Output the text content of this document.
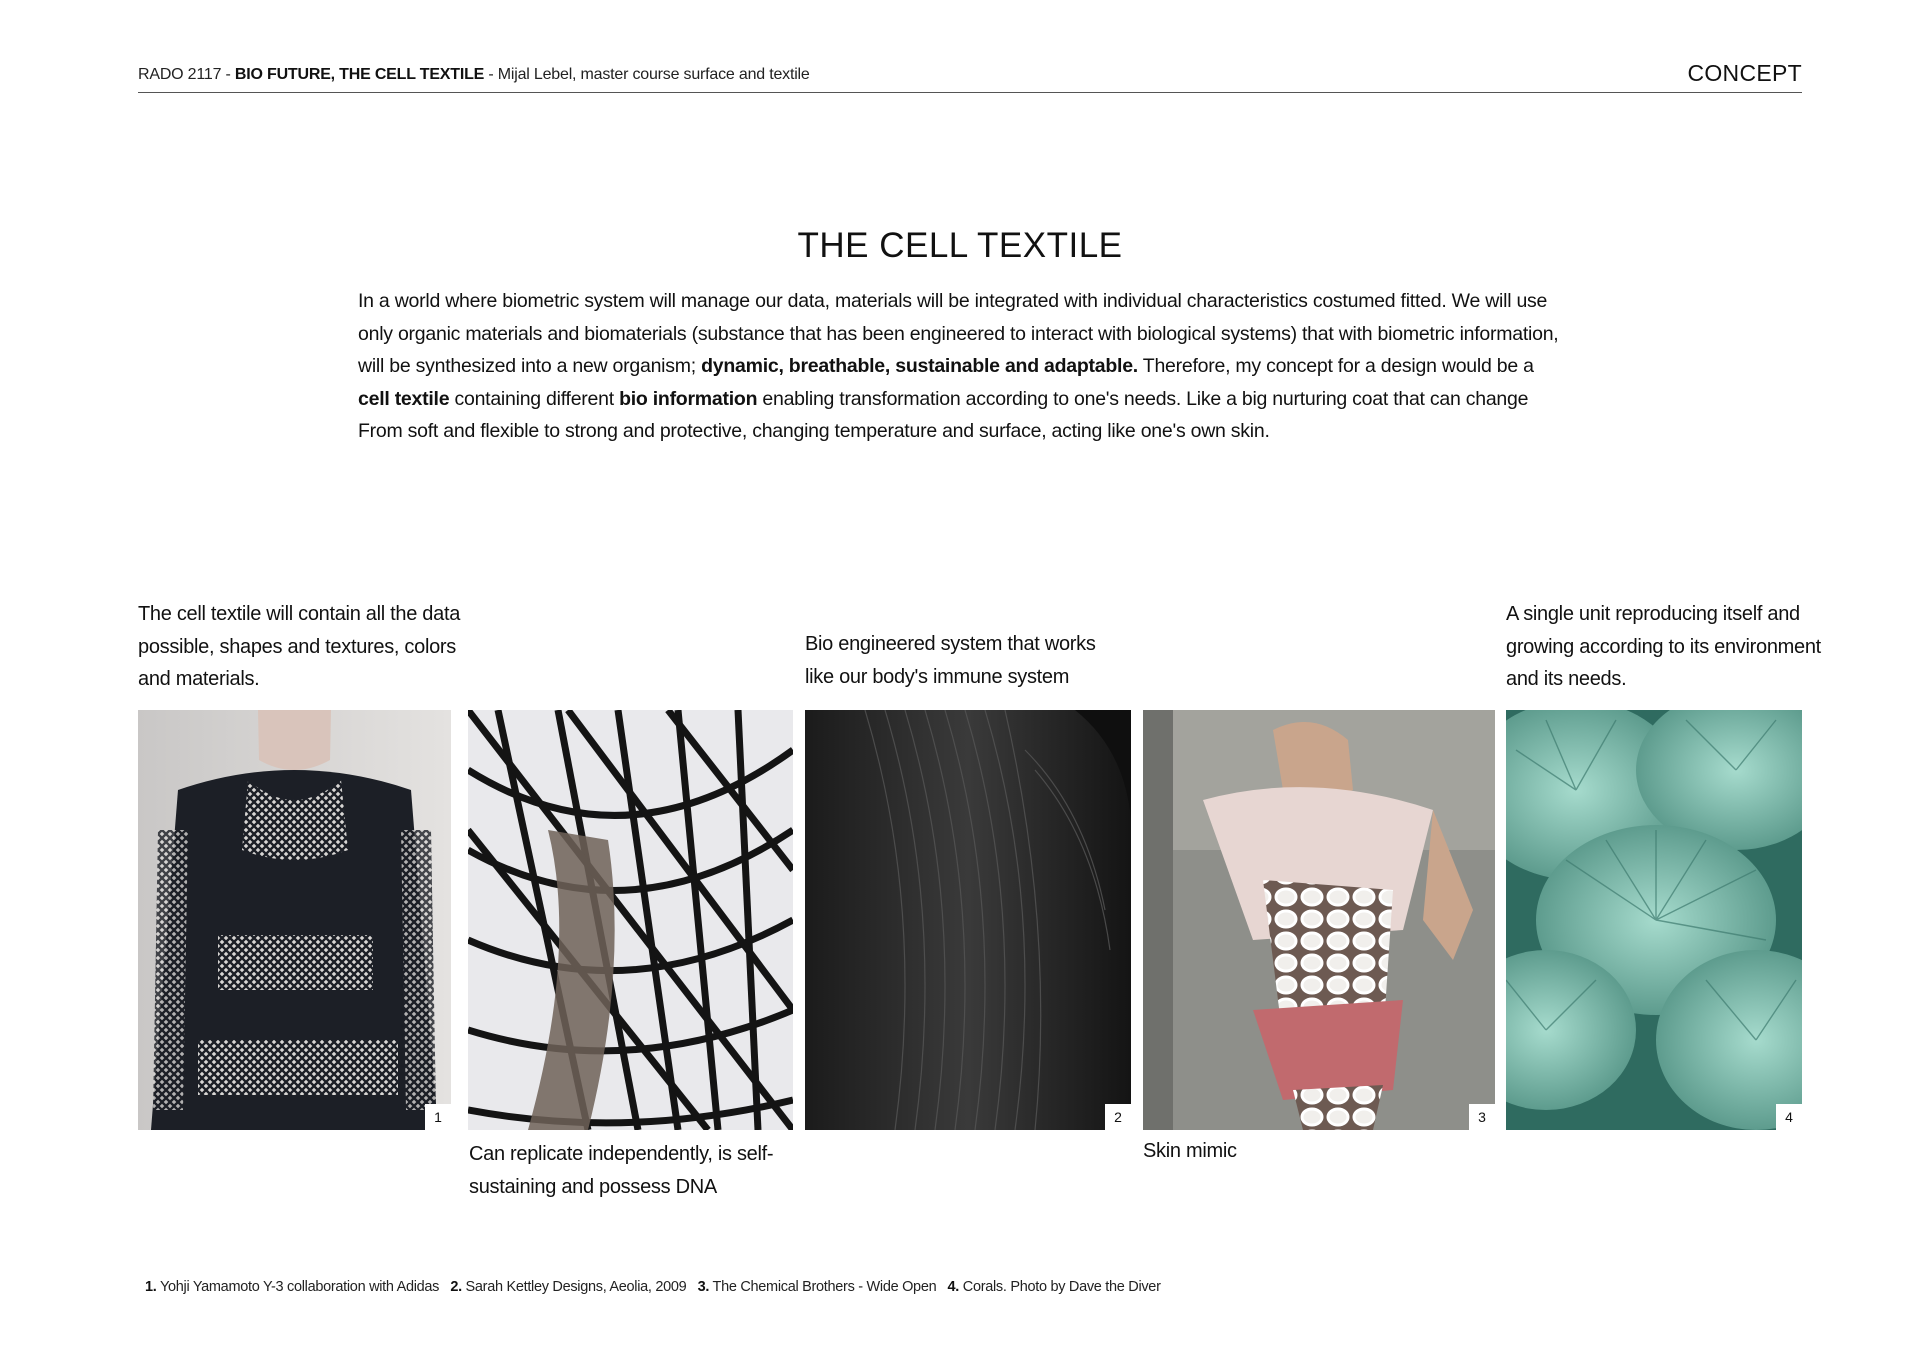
RADO 2117 - BIO FUTURE, THE CELL TEXTILE - Mijal Lebel, master course surface and textile	CONCEPT
THE CELL TEXTILE
In a world where biometric system will manage our data, materials will be integrated with individual characteristics costumed fitted. We will use only organic materials and biomaterials (substance that has been engineered to interact with biological systems) that with biometric information, will be synthesized into a new organism; dynamic, breathable, sustainable and adaptable. Therefore, my concept for a design would be a cell textile containing different bio information enabling transformation according to one's needs. Like a big nurturing coat that can change From soft and flexible to strong and protective, changing temperature and surface, acting like one's own skin.
The cell textile will contain all the data possible, shapes and textures, colors and materials.
Can replicate independently, is self-sustaining and possess DNA
Bio engineered system that works like our body's immune system
Skin mimic
A single unit reproducing itself and growing according to its environment and its needs.
1	2	3	4
1. Yohji Yamamoto Y-3 collaboration with Adidas 2. Sarah Kettley Designs, Aeolia, 2009 3. The Chemical Brothers - Wide Open 4. Corals. Photo by Dave the Diver
